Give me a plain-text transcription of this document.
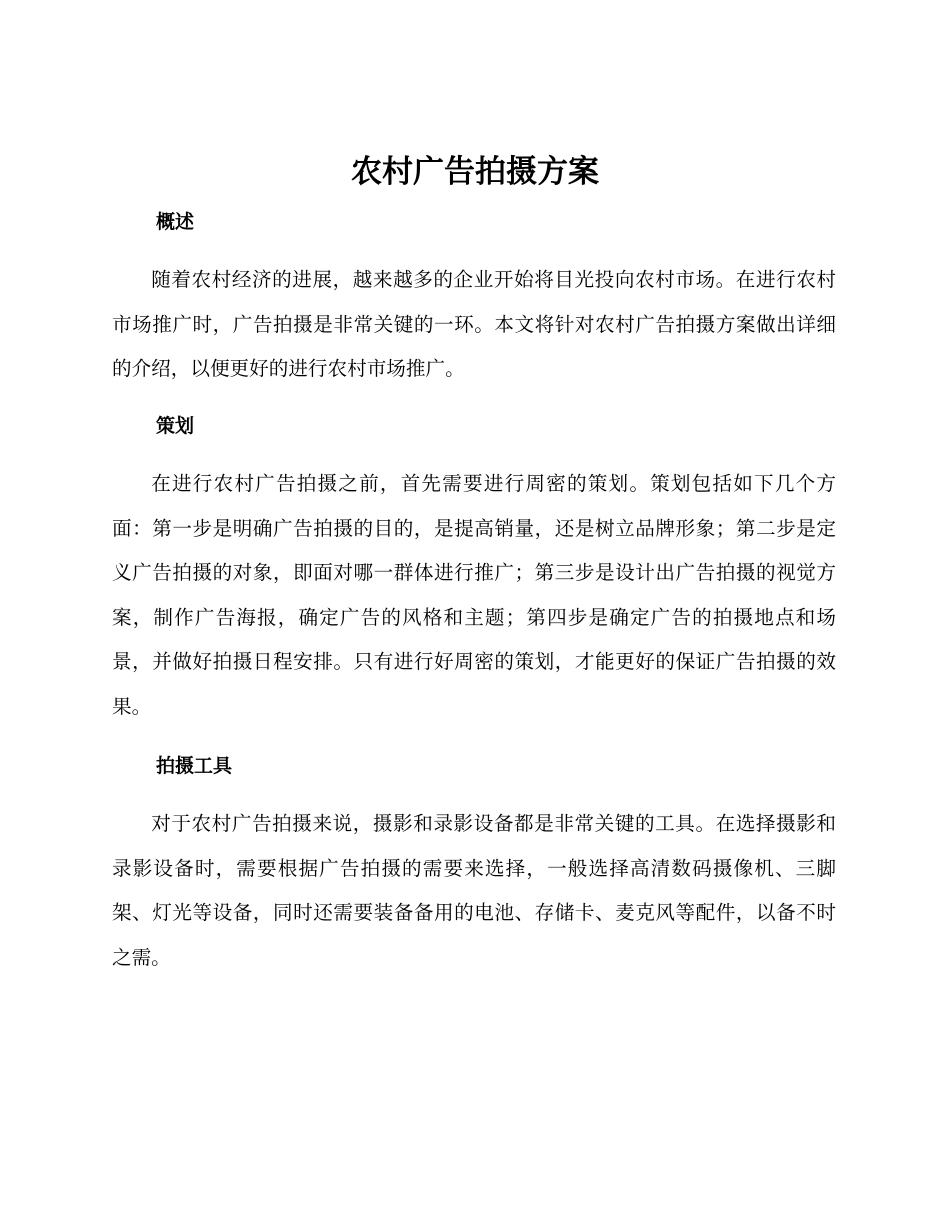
农村广告拍摄方案
概述

随着农村经济的进展，越来越多的企业开始将目光投向农村市场。在进行农村市场推广时，广告拍摄是非常关键的一环。本文将针对农村广告拍摄方案做出详细的介绍，以便更好的进行农村市场推广。

策划

在进行农村广告拍摄之前，首先需要进行周密的策划。策划包括如下几个方面：第一步是明确广告拍摄的目的，是提高销量，还是树立品牌形象；第二步是定义广告拍摄的对象，即面对哪一群体进行推广；第三步是设计出广告拍摄的视觉方案，制作广告海报，确定广告的风格和主题；第四步是确定广告的拍摄地点和场景，并做好拍摄日程安排。只有进行好周密的策划，才能更好的保证广告拍摄的效果。

拍摄工具

对于农村广告拍摄来说，摄影和录影设备都是非常关键的工具。在选择摄影和录影设备时，需要根据广告拍摄的需要来选择，一般选择高清数码摄像机、三脚架、灯光等设备，同时还需要装备备用的电池、存储卡、麦克风等配件，以备不时之需。
